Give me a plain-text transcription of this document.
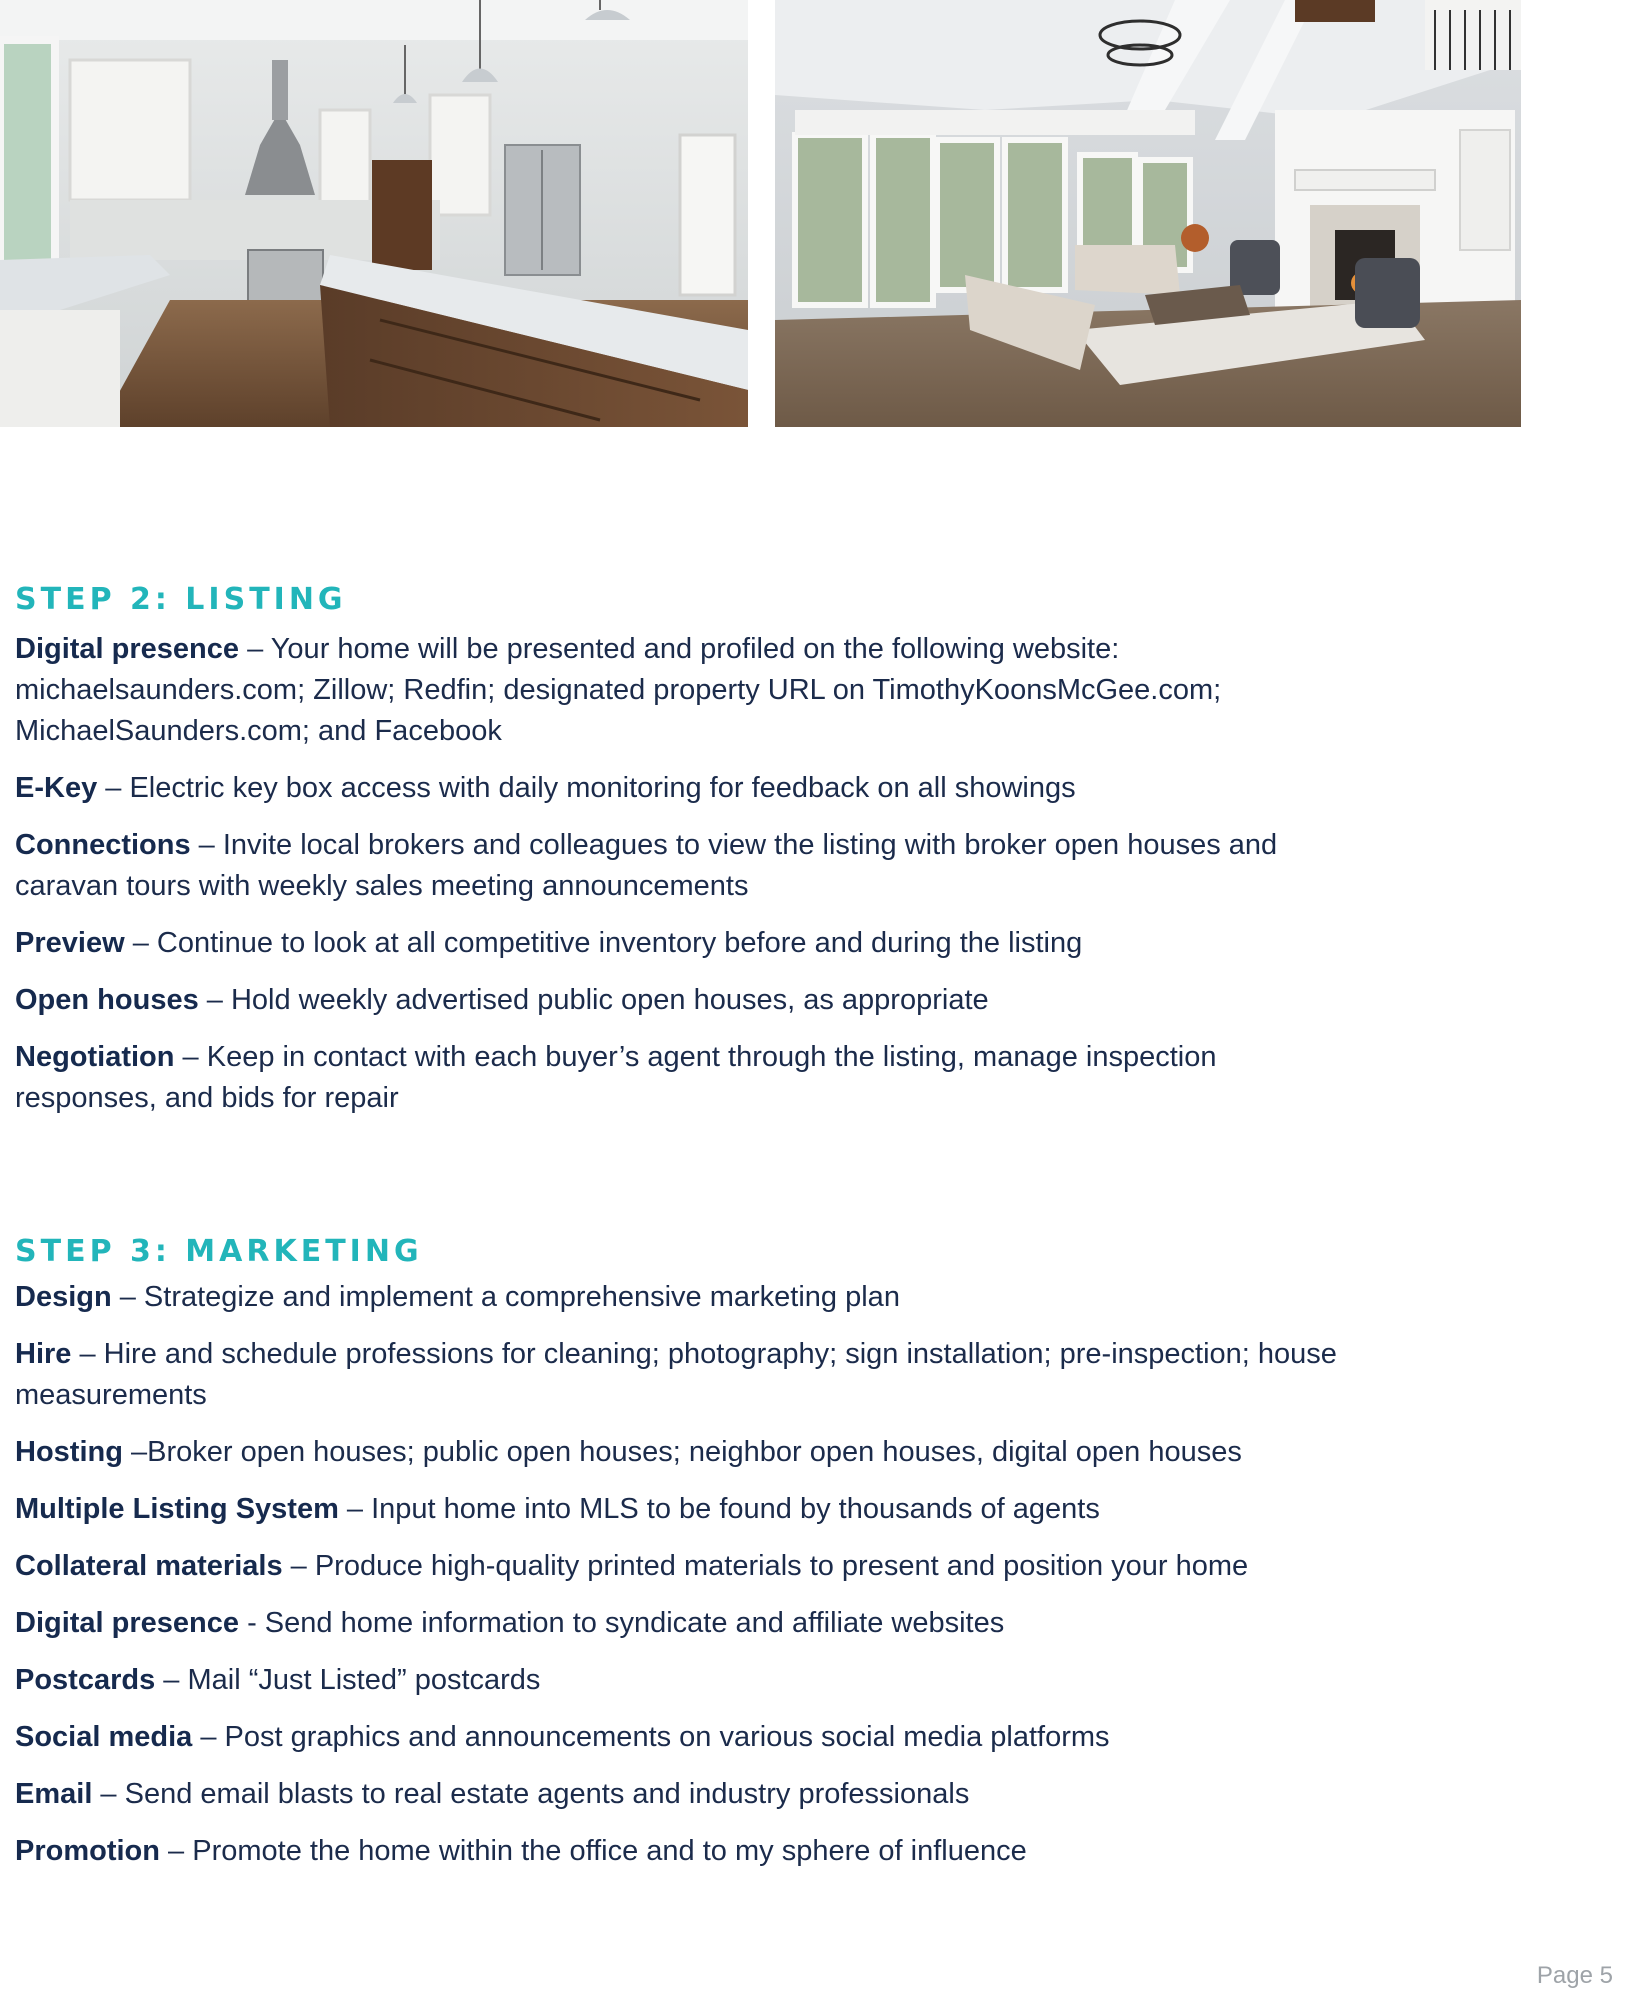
STEP 2: LISTING

Digital presence – Your home will be presented and profiled on the following website: michaelsaunders.com; Zillow; Redfin; designated property URL on TimothyKoonsMcGee.com; MichaelSaunders.com; and Facebook

E-Key – Electric key box access with daily monitoring for feedback on all showings

Connections – Invite local brokers and colleagues to view the listing with broker open houses and caravan tours with weekly sales meeting announcements

Preview – Continue to look at all competitive inventory before and during the listing

Open houses – Hold weekly advertised public open houses, as appropriate

Negotiation – Keep in contact with each buyer’s agent through the listing, manage inspection responses, and bids for repair

STEP 3: MARKETING

Design – Strategize and implement a comprehensive marketing plan

Hire – Hire and schedule professions for cleaning; photography; sign installation; pre-inspection; house measurements

Hosting –Broker open houses; public open houses; neighbor open houses, digital open houses

Multiple Listing System – Input home into MLS to be found by thousands of agents

Collateral materials – Produce high-quality printed materials to present and position your home

Digital presence - Send home information to syndicate and affiliate websites

Postcards – Mail “Just Listed” postcards

Social media – Post graphics and announcements on various social media platforms

Email – Send email blasts to real estate agents and industry professionals

Promotion – Promote the home within the office and to my sphere of influence

Page 5
